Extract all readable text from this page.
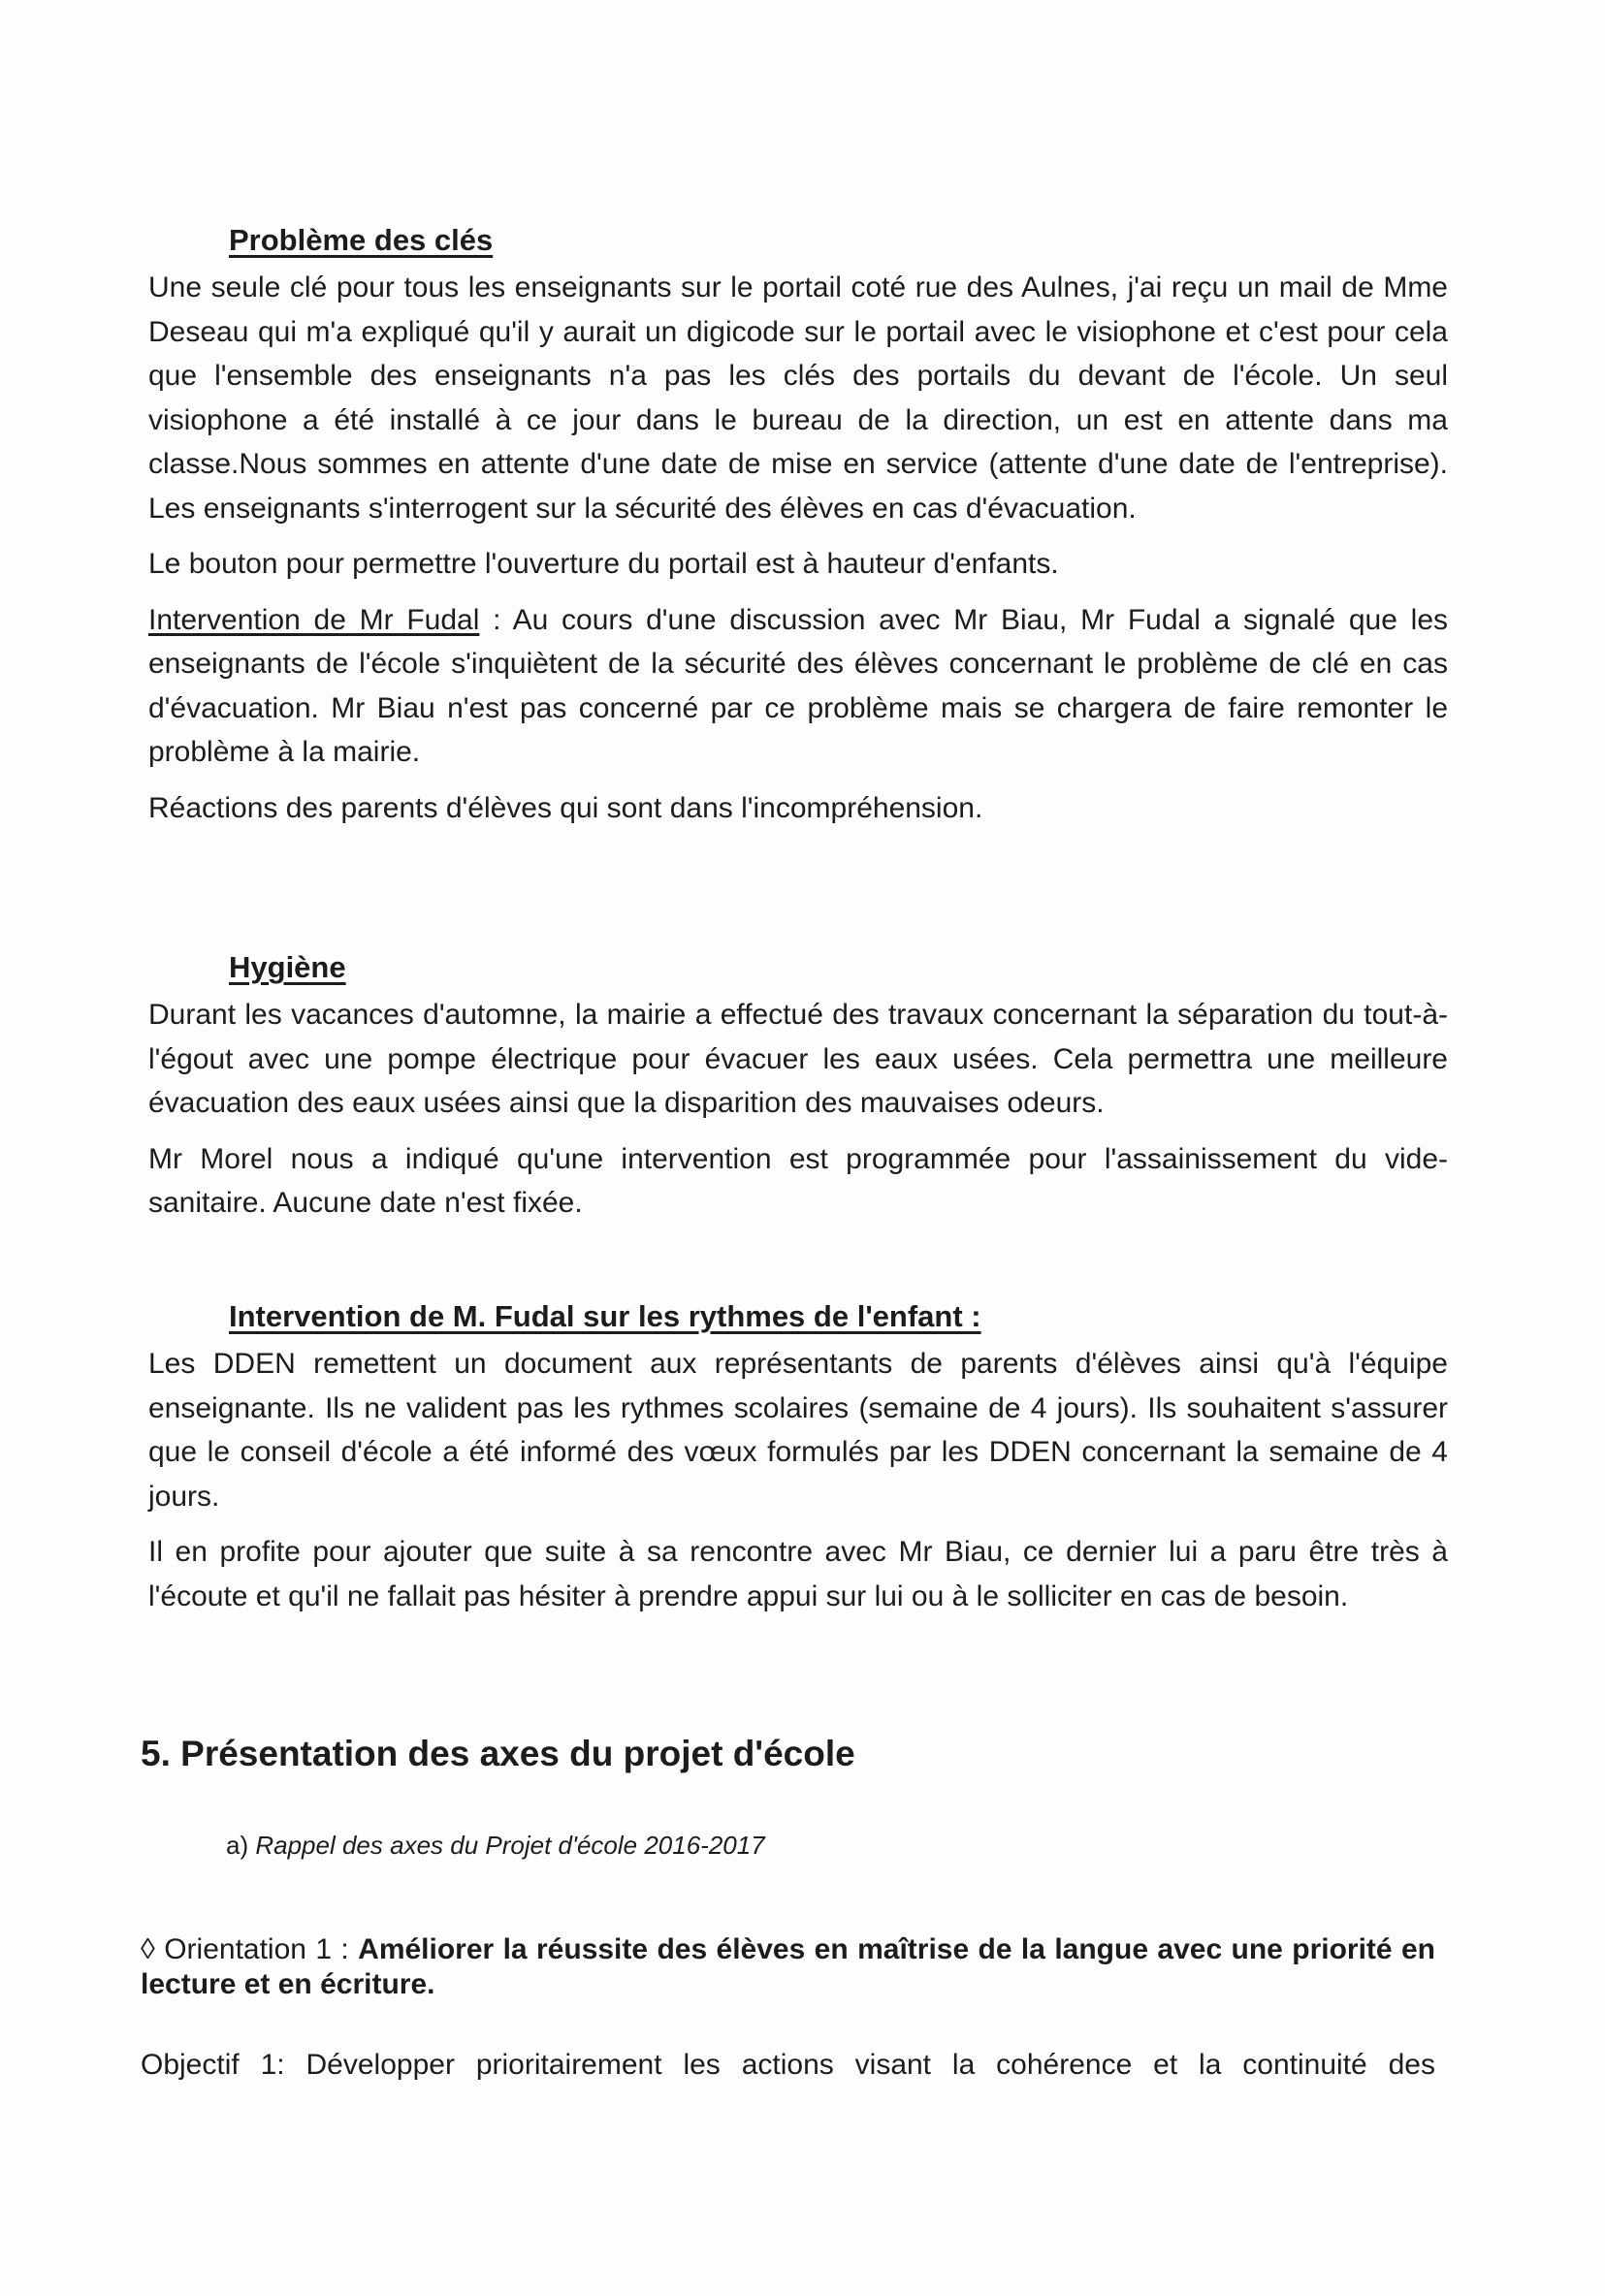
Problème des clés

Une seule clé pour tous les enseignants sur le portail coté rue des Aulnes, j'ai reçu un mail de Mme Deseau qui m'a expliqué qu'il y aurait un digicode sur le portail avec le visiophone et c'est pour cela que l'ensemble des enseignants n'a pas les clés des portails du devant de l'école. Un seul visiophone a été installé à ce jour dans le bureau de la direction, un est en attente dans ma classe.Nous sommes en attente d'une date de mise en service (attente d'une date de l'entreprise). Les enseignants s'interrogent sur la sécurité des élèves en cas d'évacuation.

Le bouton pour permettre l'ouverture du portail est à hauteur d'enfants.

Intervention de Mr Fudal : Au cours d'une discussion avec Mr Biau, Mr Fudal a signalé que les enseignants de l'école s'inquiètent de la sécurité des élèves concernant le problème de clé en cas d'évacuation. Mr Biau n'est pas concerné par ce problème mais se chargera de faire remonter le problème à la mairie.

Réactions des parents d'élèves qui sont dans l'incompréhension.

Hygiène

Durant les vacances d'automne, la mairie a effectué des travaux concernant la séparation du tout-à-l'égout avec une pompe électrique pour évacuer les eaux usées. Cela permettra une meilleure évacuation des eaux usées ainsi que la disparition des mauvaises odeurs.

Mr Morel nous a indiqué qu'une intervention est programmée pour l'assainissement du vide-sanitaire. Aucune date n'est fixée.

Intervention de M. Fudal sur les rythmes de l'enfant :

Les DDEN remettent un document aux représentants de parents d'élèves ainsi qu'à l'équipe enseignante. Ils ne valident pas les rythmes scolaires (semaine de 4 jours). Ils souhaitent s'assurer que le conseil d'école a été informé des vœux formulés par les DDEN concernant la semaine de 4 jours.

Il en profite pour ajouter que suite à sa rencontre avec Mr Biau, ce dernier lui a paru être très à l'écoute et qu'il ne fallait pas hésiter à prendre appui sur lui ou à le solliciter en cas de besoin.

5. Présentation des axes du projet d'école

a) Rappel des axes du Projet d'école 2016-2017

◊ Orientation 1 : Améliorer la réussite des élèves en maîtrise de la langue avec une priorité en lecture et en écriture.

Objectif 1: Développer prioritairement les actions visant la cohérence et la continuité des
